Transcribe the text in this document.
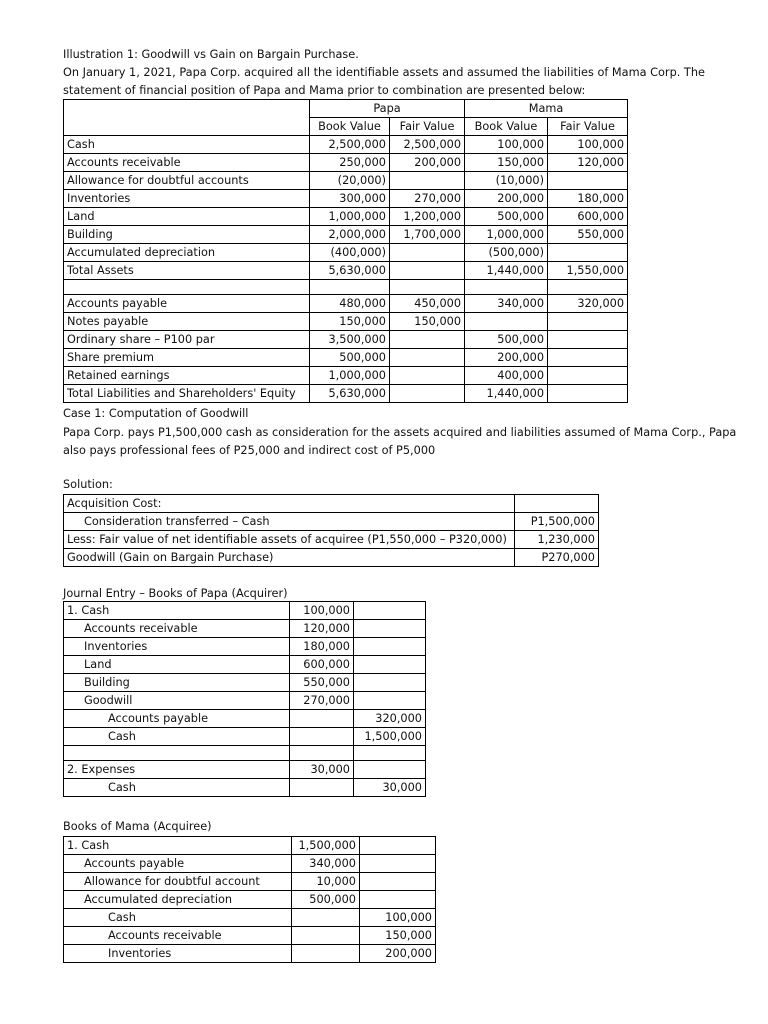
Illustration 1: Goodwill vs Gain on Bargain Purchase.
On January 1, 2021, Papa Corp. acquired all the identifiable assets and assumed the liabilities of Mama Corp. The
statement of financial position of Papa and Mama prior to combination are presented below:
	Papa		Mama	
	Book Value	Fair Value	Book Value	Fair Value
Cash	2,500,000	2,500,000	100,000	100,000
Accounts receivable	250,000	200,000	150,000	120,000
Allowance for doubtful accounts	(20,000)		(10,000)	
Inventories	300,000	270,000	200,000	180,000
Land	1,000,000	1,200,000	500,000	600,000
Building	2,000,000	1,700,000	1,000,000	550,000
Accumulated depreciation	(400,000)		(500,000)	
Total Assets	5,630,000		1,440,000	1,550,000

Accounts payable	480,000	450,000	340,000	320,000
Notes payable	150,000	150,000		
Ordinary share – P100 par	3,500,000		500,000	
Share premium	500,000		200,000	
Retained earnings	1,000,000		400,000	
Total Liabilities and Shareholders' Equity	5,630,000		1,440,000	
Case 1: Computation of Goodwill
Papa Corp. pays P1,500,000 cash as consideration for the assets acquired and liabilities assumed of Mama Corp., Papa
also pays professional fees of P25,000 and indirect cost of P5,000
Solution:
Acquisition Cost:	
Consideration transferred – Cash	P1,500,000
Less: Fair value of net identifiable assets of acquiree (P1,550,000 – P320,000)	1,230,000
Goodwill (Gain on Bargain Purchase)	P270,000
Journal Entry – Books of Papa (Acquirer)
1. Cash	100,000	
Accounts receivable	120,000	
Inventories	180,000	
Land	600,000	
Building	550,000	
Goodwill	270,000	
Accounts payable		320,000
Cash		1,500,000

2. Expenses	30,000	
Cash		30,000
Books of Mama (Acquiree)
1. Cash	1,500,000	
Accounts payable	340,000	
Allowance for doubtful account	10,000	
Accumulated depreciation	500,000	
Cash		100,000
Accounts receivable		150,000
Inventories		200,000
